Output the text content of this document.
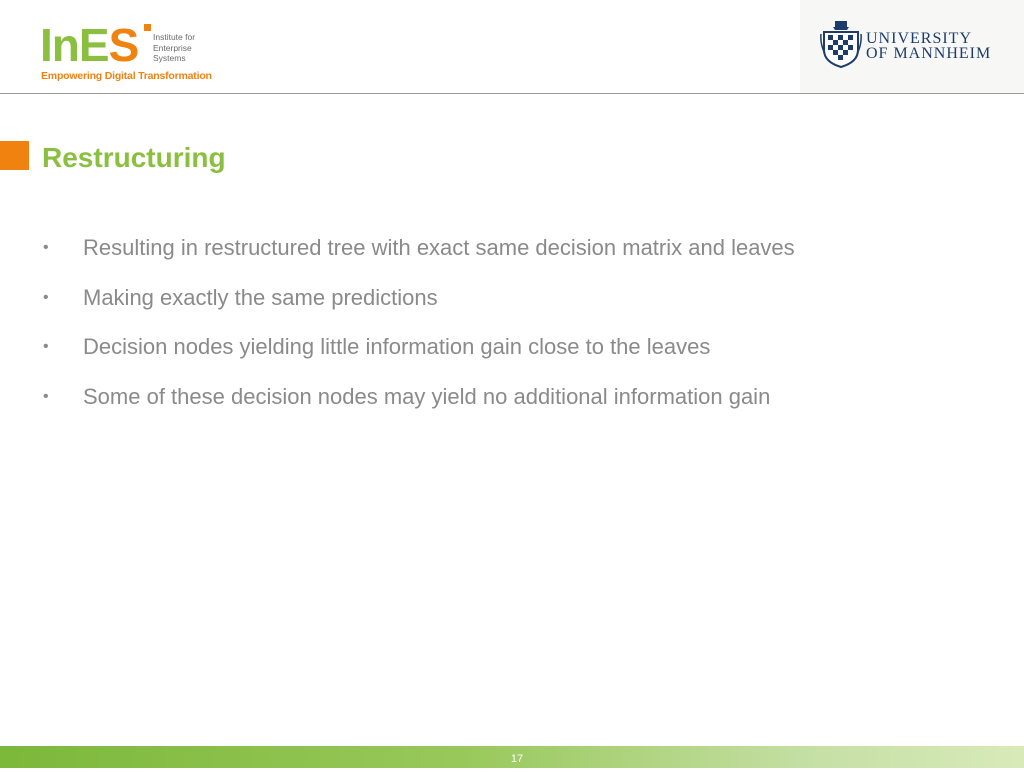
InES Institute for
Enterprise
Systems
Empowering Digital Transformation
UNIVERSITY
OF MANNHEIM
Restructuring
• Resulting in restructured tree with exact same decision matrix and leaves
• Making exactly the same predictions
• Decision nodes yielding little information gain close to the leaves
• Some of these decision nodes may yield no additional information gain
17
